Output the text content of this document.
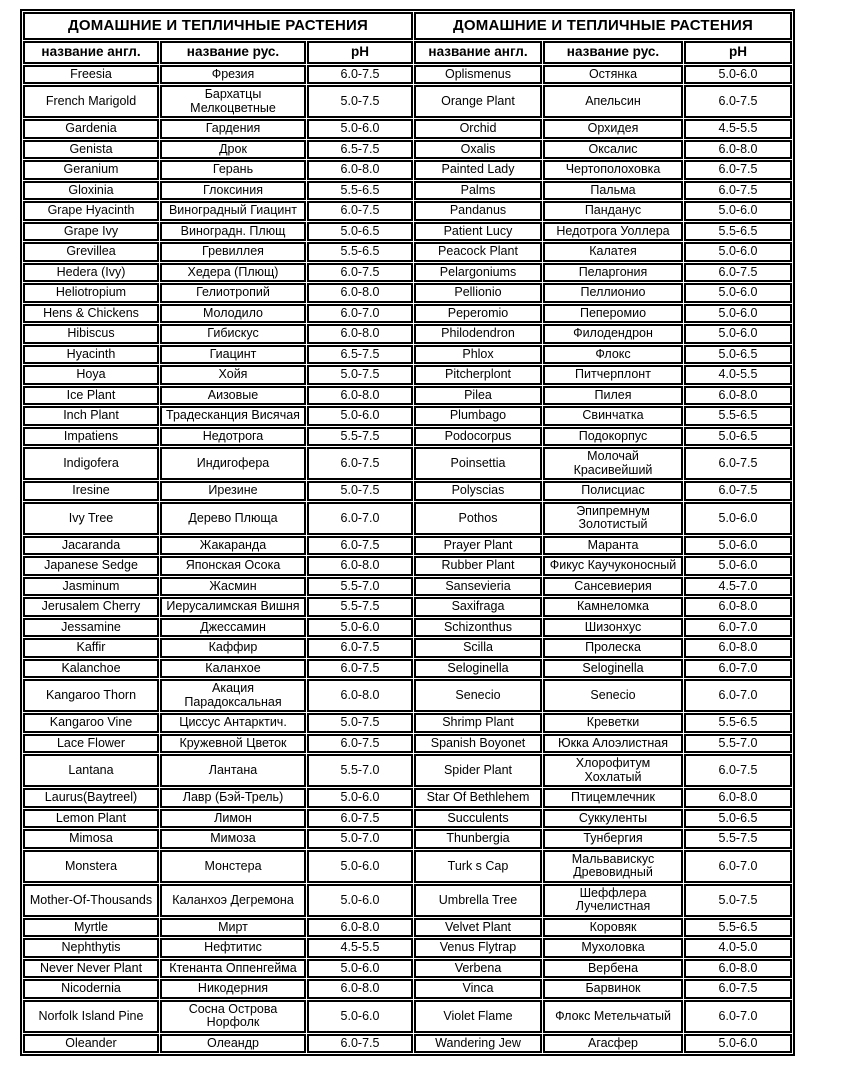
ДОМАШНИЕ И ТЕПЛИЧНЫЕ РАСТЕНИЯ			ДОМАШНИЕ И ТЕПЛИЧНЫЕ РАСТЕНИЯ		
название англ.	название рус.	pH	название англ.	название рус.	pH
Freesia	Фрезия	6.0-7.5	Oplismenus	Остянка	5.0-6.0
French Marigold	Бархатцы Мелкоцветные	5.0-7.5	Orange Plant	Апельсин	6.0-7.5
Gardenia	Гардения	5.0-6.0	Orchid	Орхидея	4.5-5.5
Genista	Дрок	6.5-7.5	Oxalis	Оксалис	6.0-8.0
Geranium	Герань	6.0-8.0	Painted Lady	Чертополоховка	6.0-7.5
Gloxinia	Глоксиния	5.5-6.5	Palms	Пальма	6.0-7.5
Grape Hyacinth	Виноградный Гиацинт	6.0-7.5	Pandanus	Панданус	5.0-6.0
Grape Ivy	Виноградн. Плющ	5.0-6.5	Patient Lucy	Недотрога Уоллера	5.5-6.5
Grevillea	Гревиллея	5.5-6.5	Peacock Plant	Калатея	5.0-6.0
Hedera (Ivy)	Хедера (Плющ)	6.0-7.5	Pelargoniums	Пеларгония	6.0-7.5
Heliotropium	Гелиотропий	6.0-8.0	Pellionio	Пеллионио	5.0-6.0
Hens & Chickens	Молодило	6.0-7.0	Peperomio	Пеперомио	5.0-6.0
Hibiscus	Гибискус	6.0-8.0	Philodendron	Филодендрон	5.0-6.0
Hyacinth	Гиацинт	6.5-7.5	Phlox	Флокс	5.0-6.5
Hoya	Хойя	5.0-7.5	Pitcherplont	Питчерплонт	4.0-5.5
Ice Plant	Аизовые	6.0-8.0	Pilea	Пилея	6.0-8.0
Inch Plant	Традесканция Висячая	5.0-6.0	Plumbago	Свинчатка	5.5-6.5
Impatiens	Недотрога	5.5-7.5	Podocorpus	Подокорпус	5.0-6.5
Indigofera	Индигофера	6.0-7.5	Poinsettia	Молочай Красивейший	6.0-7.5
Iresine	Ирезине	5.0-7.5	Polyscias	Полисциас	6.0-7.5
Ivy Tree	Дерево Плюща	6.0-7.0	Pothos	Эпипремнум Золотистый	5.0-6.0
Jacaranda	Жакаранда	6.0-7.5	Prayer Plant	Маранта	5.0-6.0
Japanese Sedge	Японская Осока	6.0-8.0	Rubber Plant	Фикус Каучуконосный	5.0-6.0
Jasminum	Жасмин	5.5-7.0	Sansevieria	Сансевиерия	4.5-7.0
Jerusalem Cherry	Иерусалимская Вишня	5.5-7.5	Saxifraga	Камнеломка	6.0-8.0
Jessamine	Джессамин	5.0-6.0	Schizonthus	Шизонхус	6.0-7.0
Kaffir	Каффир	6.0-7.5	Scilla	Пролеска	6.0-8.0
Kalanchoe	Каланхое	6.0-7.5	Seloginella	Seloginella	6.0-7.0
Kangaroo Thorn	Акация Парадоксальная	6.0-8.0	Senecio	Senecio	6.0-7.0
Kangaroo Vine	Циссус Антарктич.	5.0-7.5	Shrimp Plant	Креветки	5.5-6.5
Lace Flower	Кружевной Цветок	6.0-7.5	Spanish Boyonet	Юкка Алоэлистная	5.5-7.0
Lantana	Лантана	5.5-7.0	Spider Plant	Хлорофитум Хохлатый	6.0-7.5
Laurus(Baytreel)	Лавр (Бэй-Трель)	5.0-6.0	Star Of Bethlehem	Птицемлечник	6.0-8.0
Lemon Plant	Лимон	6.0-7.5	Succulents	Суккуленты	5.0-6.5
Mimosa	Мимоза	5.0-7.0	Thunbergia	Тунбергия	5.5-7.5
Monstera	Монстера	5.0-6.0	Turk s Cap	Мальвавискус Древовидный	6.0-7.0
Mother-Of-Thousands	Каланхоэ Дегремона	5.0-6.0	Umbrella Tree	Шеффлера Лучелистная	5.0-7.5
Myrtle	Мирт	6.0-8.0	Velvet Plant	Коровяк	5.5-6.5
Nephthytis	Нефтитис	4.5-5.5	Venus Flytrap	Мухоловка	4.0-5.0
Never Never Plant	Ктенанта Оппенгейма	5.0-6.0	Verbena	Вербена	6.0-8.0
Nicodernia	Никодерния	6.0-8.0	Vinca	Барвинок	6.0-7.5
Norfolk Island Pine	Сосна Острова Норфолк	5.0-6.0	Violet Flame	Флокс Метельчатый	6.0-7.0
Oleander	Олеандр	6.0-7.5	Wandering Jew	Агасфер	5.0-6.0
